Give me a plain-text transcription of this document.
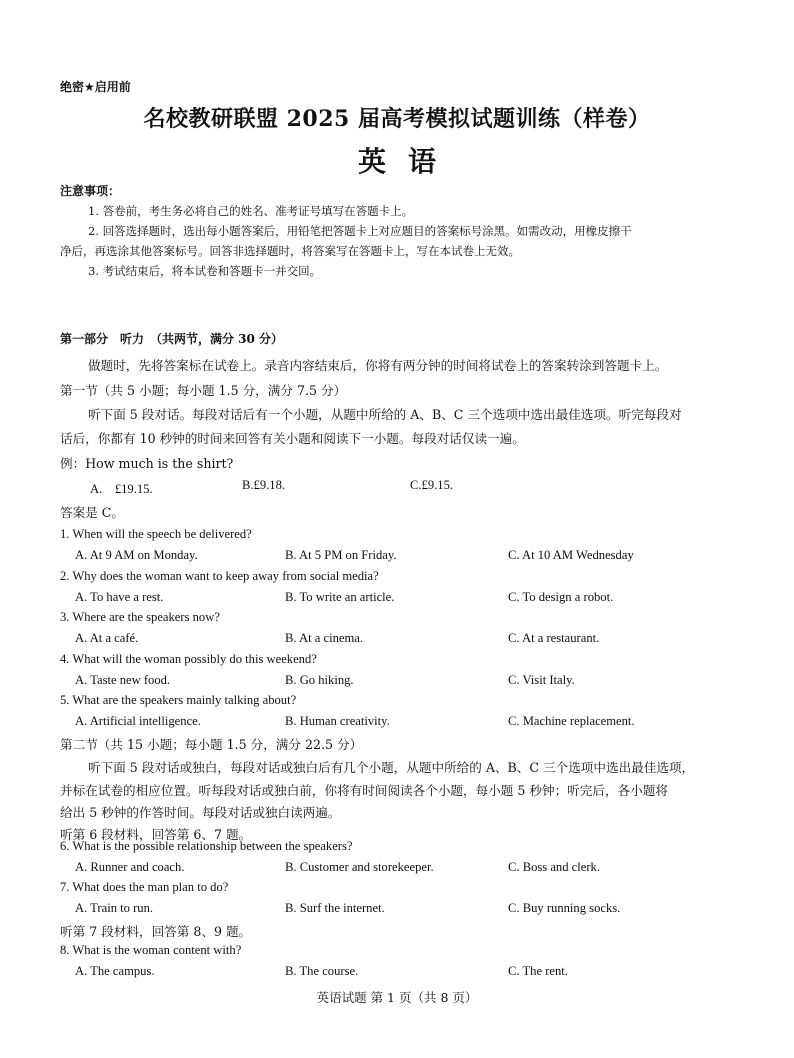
绝密★启用前
名校教研联盟 2025 届高考模拟试题训练（样卷）
英语
注意事项：

1. 答卷前，考生务必将自己的姓名、准考证号填写在答题卡上。

2. 回答选择题时，选出每小题答案后，用铅笔把答题卡上对应题目的答案标号涂黑。如需改动，用橡皮擦干

净后，再选涂其他答案标号。回答非选择题时，将答案写在答题卡上，写在本试卷上无效。

3. 考试结束后，将本试卷和答题卡一并交回。

第一部分　听力　（共两节，满分 30 分）
做题时，先将答案标在试卷上。录音内容结束后，你将有两分钟的时间将试卷上的答案转涂到答题卡上。
第一节（共 5 小题；每小题 1.5 分，满分 7.5 分）
听下面 5 段对话。每段对话后有一个小题，从题中所给的 A、B、C 三个选项中选出最佳选项。听完每段对
话后，你都有 10 秒钟的时间来回答有关小题和阅读下一小题。每段对话仅读一遍。
例：How much is the shirt?
A.　£19.15.	B.£9.18.	C.£9.15.
答案是 C。
1. When will the speech be delivered?
A. At 9 AM on Monday.	B. At 5 PM on Friday.	C. At 10 AM Wednesday
2. Why does the woman want to keep away from social media?
A. To have a rest.	B. To write an article.	C. To design a robot.
3. Where are the speakers now?
A. At a café.	B. At a cinema.	C. At a restaurant.
4. What will the woman possibly do this weekend?
A. Taste new food.	B. Go hiking.	C. Visit Italy.
5. What are the speakers mainly talking about?
A. Artificial intelligence.	B. Human creativity.	C. Machine replacement.
第二节（共 15 小题；每小题 1.5 分，满分 22.5 分）
听下面 5 段对话或独白，每段对话或独白后有几个小题，从题中所给的 A、B、C 三个选项中选出最佳选项，
并标在试卷的相应位置。听每段对话或独白前，你将有时间阅读各个小题，每小题 5 秒钟；听完后，各小题将
给出 5 秒钟的作答时间。每段对话或独白读两遍。
听第 6 段材料，回答第 6、7 题。
6. What is the possible relationship between the speakers?
A. Runner and coach.	B. Customer and storekeeper.	C. Boss and clerk.
7. What does the man plan to do?
A. Train to run.	B. Surf the internet.	C. Buy running socks.
听第 7 段材料，回答第 8、9 题。
8. What is the woman content with?
A. The campus.	B. The course.	C. The rent.
英语试题 第 1 页（共 8 页）
